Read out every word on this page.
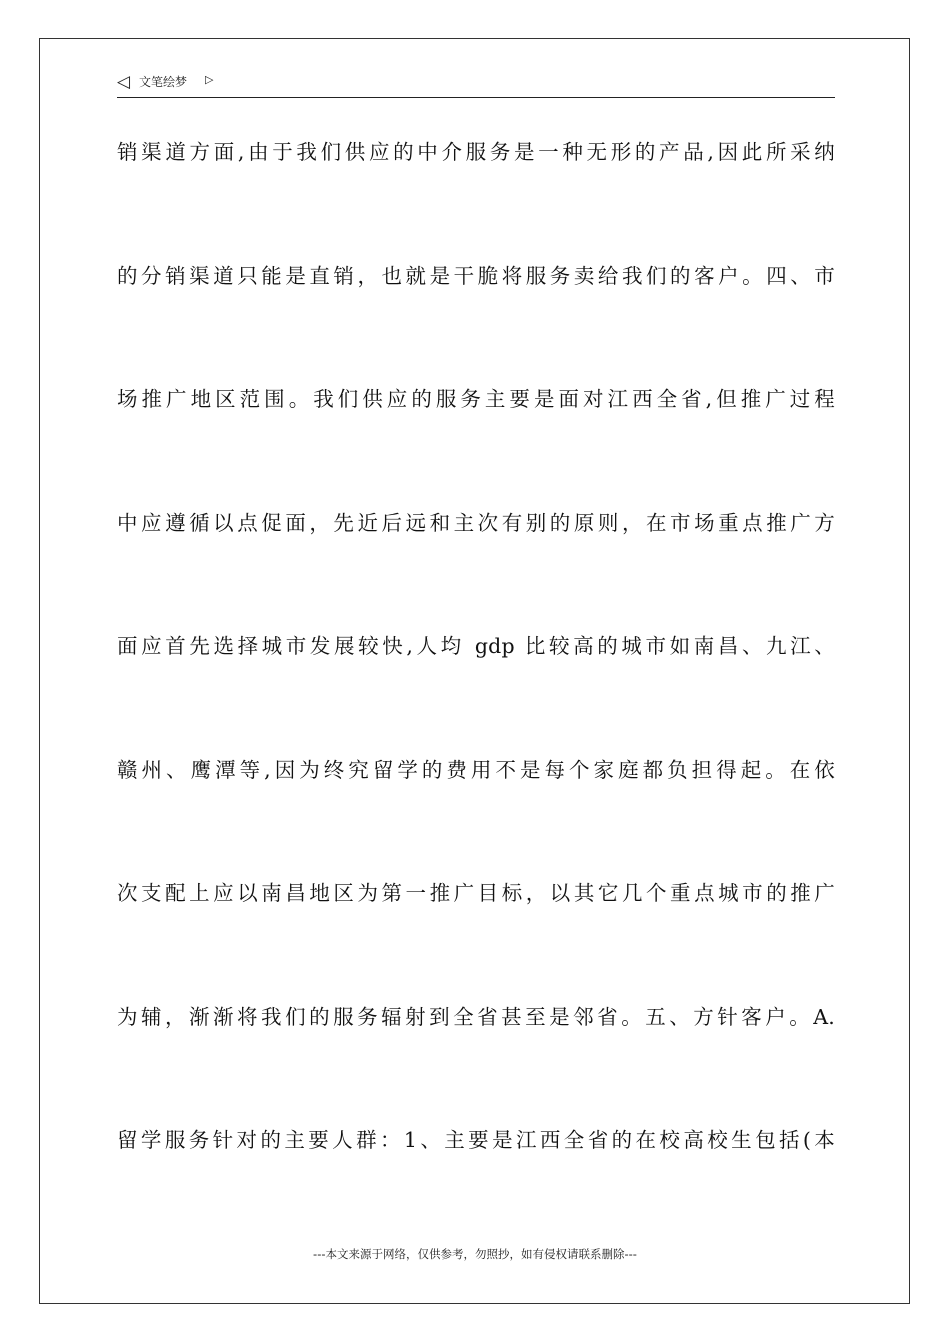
◁ 文笔绘梦 ▷
销渠道方面,由于我们供应的中介服务是一种无形的产品,因此所采纳
的分销渠道只能是直销，也就是干脆将服务卖给我们的客户。四、市
场推广地区范围。我们供应的服务主要是面对江西全省,但推广过程
中应遵循以点促面，先近后远和主次有别的原则，在市场重点推广方
面应首先选择城市发展较快,人均 gdp 比较高的城市如南昌、九江、
赣州、鹰潭等,因为终究留学的费用不是每个家庭都负担得起。在依
次支配上应以南昌地区为第一推广目标，以其它几个重点城市的推广
为辅，渐渐将我们的服务辐射到全省甚至是邻省。五、方针客户。A.
留学服务针对的主要人群：1、主要是江西全省的在校高校生包括(本
---本文来源于网络，仅供参考，勿照抄，如有侵权请联系删除---
